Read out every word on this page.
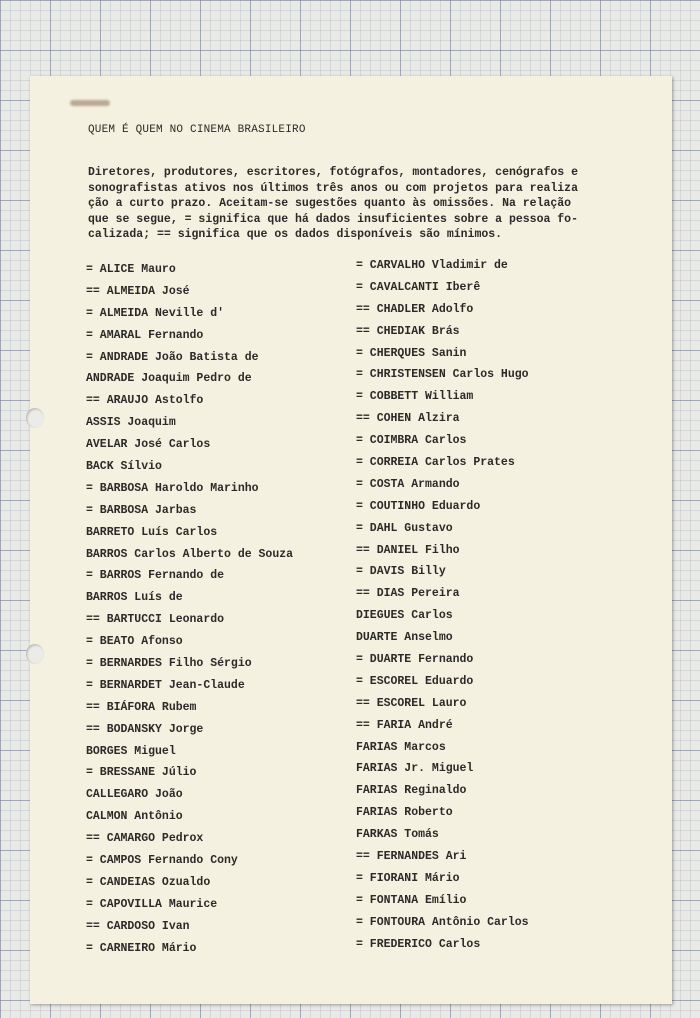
QUEM É QUEM NO CINEMA BRASILEIRO
Diretores, produtores, escritores, fotógrafos, montadores, cenógrafos e
sonografistas ativos nos últimos três anos ou com projetos para realiza
ção a curto prazo. Aceitam-se sugestões quanto às omissões. Na relação
que se segue, = significa que há dados insuficientes sobre a pessoa fo-
calizada; == significa que os dados disponíveis são mínimos.
= ALICE Mauro
== ALMEIDA José
= ALMEIDA Neville d'
= AMARAL Fernando
= ANDRADE João Batista de
ANDRADE Joaquim Pedro de
== ARAUJO Astolfo
ASSIS Joaquim
AVELAR José Carlos
BACK Sílvio
= BARBOSA Haroldo Marinho
= BARBOSA Jarbas
BARRETO Luís Carlos
BARROS Carlos Alberto de Souza
= BARROS Fernando de
BARROS Luís de
== BARTUCCI Leonardo
= BEATO Afonso
= BERNARDES Filho Sérgio
= BERNARDET Jean-Claude
== BIÁFORA Rubem
== BODANSKY Jorge
BORGES Miguel
= BRESSANE Júlio
CALLEGARO João
CALMON Antônio
== CAMARGO Pedrox
= CAMPOS Fernando Cony
= CANDEIAS Ozualdo
= CAPOVILLA Maurice
== CARDOSO Ivan
= CARNEIRO Mário
= CARVALHO Vladimir de
= CAVALCANTI Iberê
== CHADLER Adolfo
== CHEDIAK Brás
= CHERQUES Sanin
= CHRISTENSEN Carlos Hugo
= COBBETT William
== COHEN Alzira
= COIMBRA Carlos
= CORREIA Carlos Prates
= COSTA Armando
= COUTINHO Eduardo
= DAHL Gustavo
== DANIEL Filho
= DAVIS Billy
== DIAS Pereira
DIEGUES Carlos
DUARTE Anselmo
= DUARTE Fernando
= ESCOREL Eduardo
== ESCOREL Lauro
== FARIA André
FARIAS Marcos
FARIAS Jr. Miguel
FARIAS Reginaldo
FARIAS Roberto
FARKAS Tomás
== FERNANDES Ari
= FIORANI Mário
= FONTANA Emílio
= FONTOURA Antônio Carlos
= FREDERICO Carlos
